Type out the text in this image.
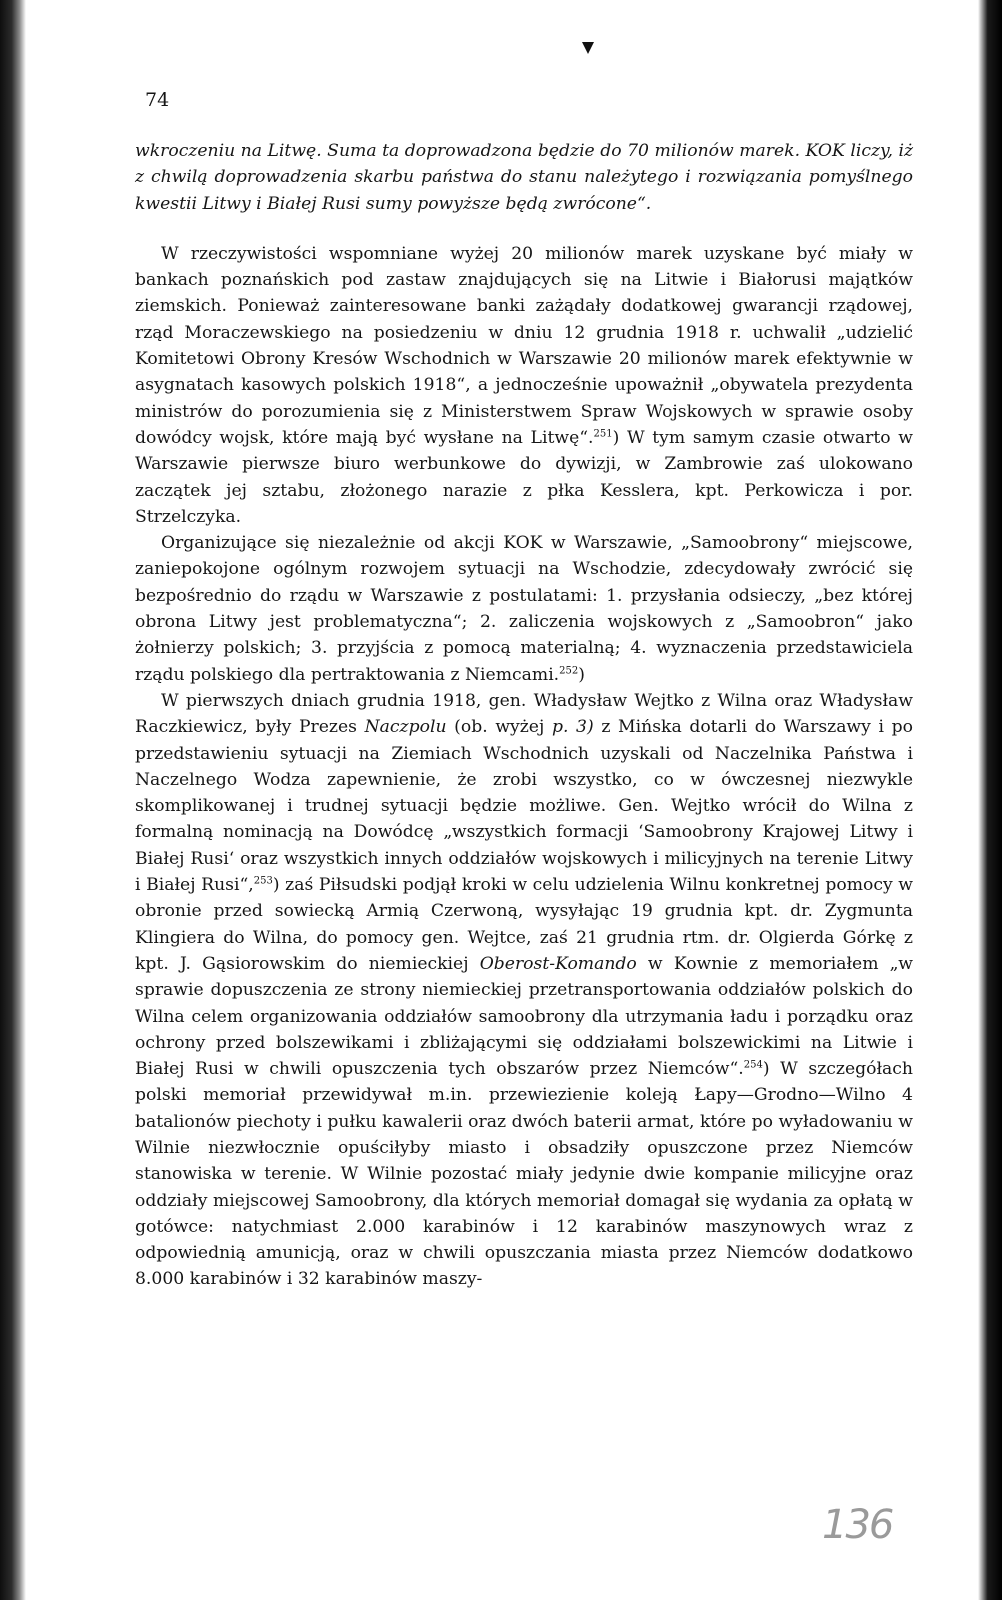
74

wkroczeniu na Litwę. Suma ta doprowadzona będzie do 70 milionów marek. KOK liczy, iż z chwilą doprowadzenia skarbu państwa do stanu należytego i rozwiązania pomyślnego kwestii Litwy i Białej Rusi sumy powyższe będą zwrócone“.

W rzeczywistości wspomniane wyżej 20 milionów marek uzyskane być miały w bankach poznańskich pod zastaw znajdujących się na Litwie i Białorusi majątków ziemskich. Ponieważ zainteresowane banki zażądały dodatkowej gwarancji rządowej, rząd Moraczewskiego na posiedzeniu w dniu 12 grudnia 1918 r. uchwalił „udzielić Komitetowi Obrony Kresów Wschodnich w Warszawie 20 milionów marek efektywnie w asygnatach kasowych polskich 1918“, a jednocześnie upoważnił „obywatela prezydenta ministrów do porozumienia się z Ministerstwem Spraw Wojskowych w sprawie osoby dowódcy wojsk, które mają być wysłane na Litwę“.$^{251}$) W tym samym czasie otwarto w Warszawie pierwsze biuro werbunkowe do dywizji, w Zambrowie zaś ulokowano zaczątek jej sztabu, złożonego narazie z płka Kesslera, kpt. Perkowicza i por. Strzelczyka.

Organizujące się niezależnie od akcji KOK w Warszawie, „Samoobrony“ miejscowe, zaniepokojone ogólnym rozwojem sytuacji na Wschodzie, zdecydowały zwrócić się bezpośrednio do rządu w Warszawie z postulatami: 1. przysłania odsieczy, „bez której obrona Litwy jest problematyczna“; 2. zaliczenia wojskowych z „Samoobron“ jako żołnierzy polskich; 3. przyjścia z pomocą materialną; 4. wyznaczenia przedstawiciela rządu polskiego dla pertraktowania z Niemcami.$^{252}$)

W pierwszych dniach grudnia 1918, gen. Władysław Wejtko z Wilna oraz Władysław Raczkiewicz, były Prezes Naczpolu (ob. wyżej p. 3) z Mińska dotarli do Warszawy i po przedstawieniu sytuacji na Ziemiach Wschodnich uzyskali od Naczelnika Państwa i Naczelnego Wodza zapewnienie, że zrobi wszystko, co w ówczesnej niezwykle skomplikowanej i trudnej sytuacji będzie możliwe. Gen. Wejtko wrócił do Wilna z formalną nominacją na Dowódcę „wszystkich formacji ‘Samoobrony Krajowej Litwy i Białej Rusi‘ oraz wszystkich innych oddziałów wojskowych i milicyjnych na terenie Litwy i Białej Rusi“,$^{253}$) zaś Piłsudski podjął kroki w celu udzielenia Wilnu konkretnej pomocy w obronie przed sowiecką Armią Czerwoną, wysyłając 19 grudnia kpt. dr. Zygmunta Klingiera do Wilna, do pomocy gen. Wejtce, zaś 21 grudnia rtm. dr. Olgierda Górkę z kpt. J. Gąsiorowskim do niemieckiej Oberost-Komando w Kownie z memoriałem „w sprawie dopuszczenia ze strony niemieckiej przetransportowania oddziałów polskich do Wilna celem organizowania oddziałów samoobrony dla utrzymania ładu i porządku oraz ochrony przed bolszewikami i zbliżającymi się oddziałami bolszewickimi na Litwie i Białej Rusi w chwili opuszczenia tych obszarów przez Niemców“.$^{254}$) W szczegółach polski memoriał przewidywał m.in. przewiezienie koleją Łapy—Grodno—Wilno 4 batalionów piechoty i pułku kawalerii oraz dwóch baterii armat, które po wyładowaniu w Wilnie niezwłocznie opuściłyby miasto i obsadziły opuszczone przez Niemców stanowiska w terenie. W Wilnie pozostać miały jedynie dwie kompanie milicyjne oraz oddziały miejscowej Samoobrony, dla których memoriał domagał się wydania za opłatą w gotówce: natychmiast 2.000 karabinów i 12 karabinów maszynowych wraz z odpowiednią amunicją, oraz w chwili opuszczania miasta przez Niemców dodatkowo 8.000 karabinów i 32 karabinów maszy-

136
